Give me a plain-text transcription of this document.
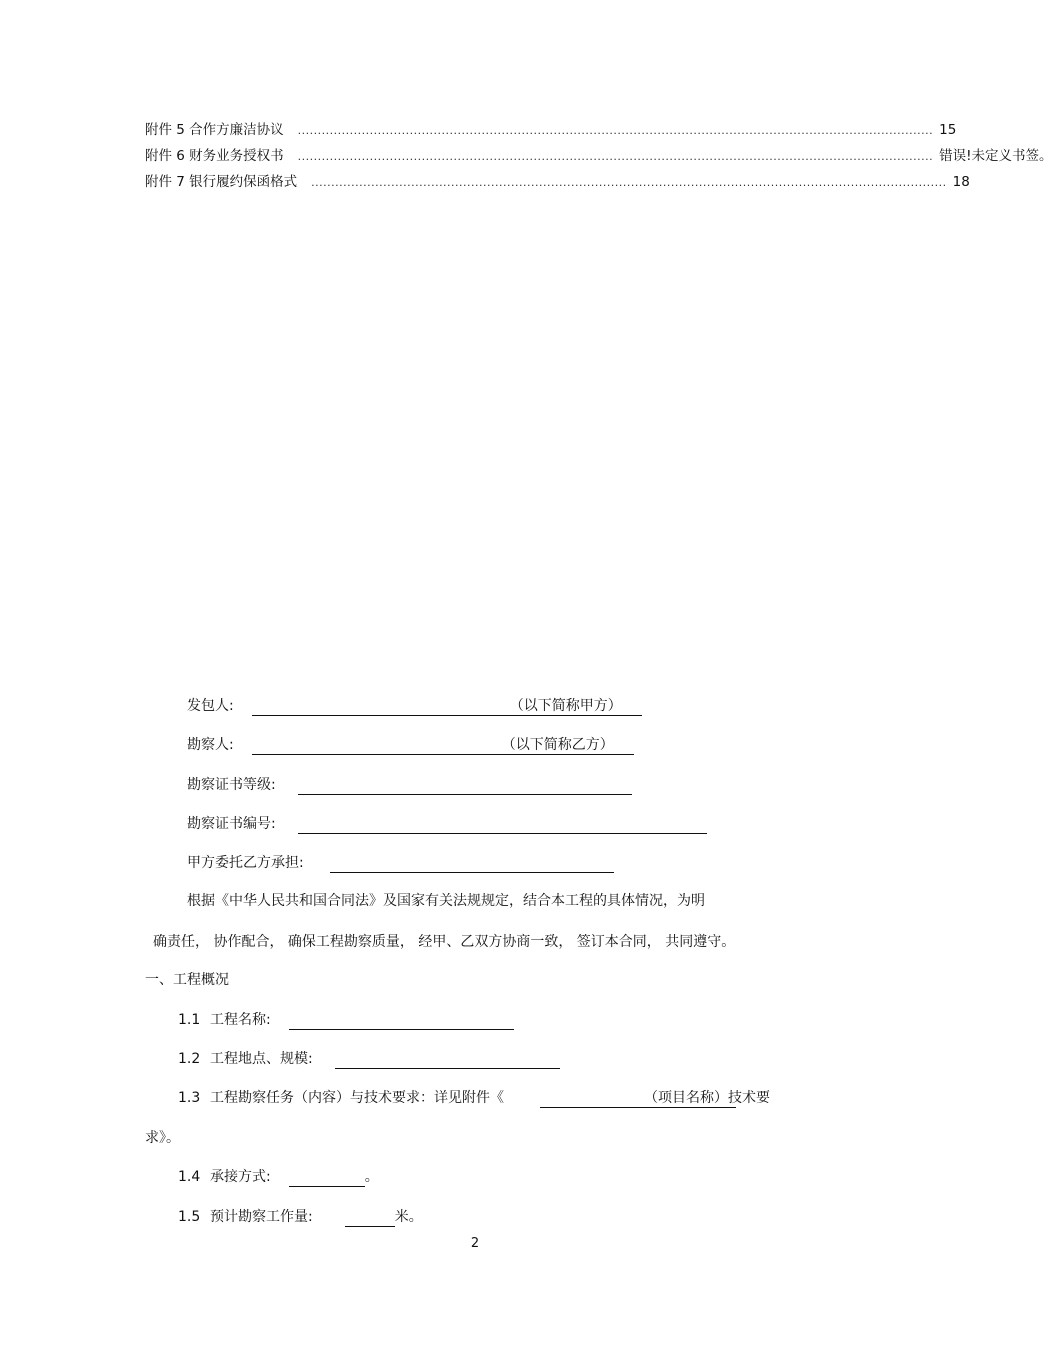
附件 5 合作方廉洁协议 ............................................................................................................................................................... 15
附件 6 财务业务授权书 ............................................................................................................................................................... 错误!未定义书签。
附件 7 银行履约保函格式 ............................................................................................................................................................... 18
发包人:	（以下简称甲方）
勘察人:	（以下简称乙方）
勘察证书等级:
勘察证书编号:
甲方委托乙方承担:
根据《中华人民共和国合同法》及国家有关法规规定，结合本工程的具体情况，为明
确责任， 协作配合， 确保工程勘察质量， 经甲、乙双方协商一致， 签订本合同， 共同遵守。
一、工程概况
1.1 工程名称:
1.2 工程地点、规模:
1.3 工程勘察任务（内容）与技术要求：详见附件《	（项目名称）技术要
求》。
1.4 承接方式:	。
1.5 预计勘察工作量:	米。
2
